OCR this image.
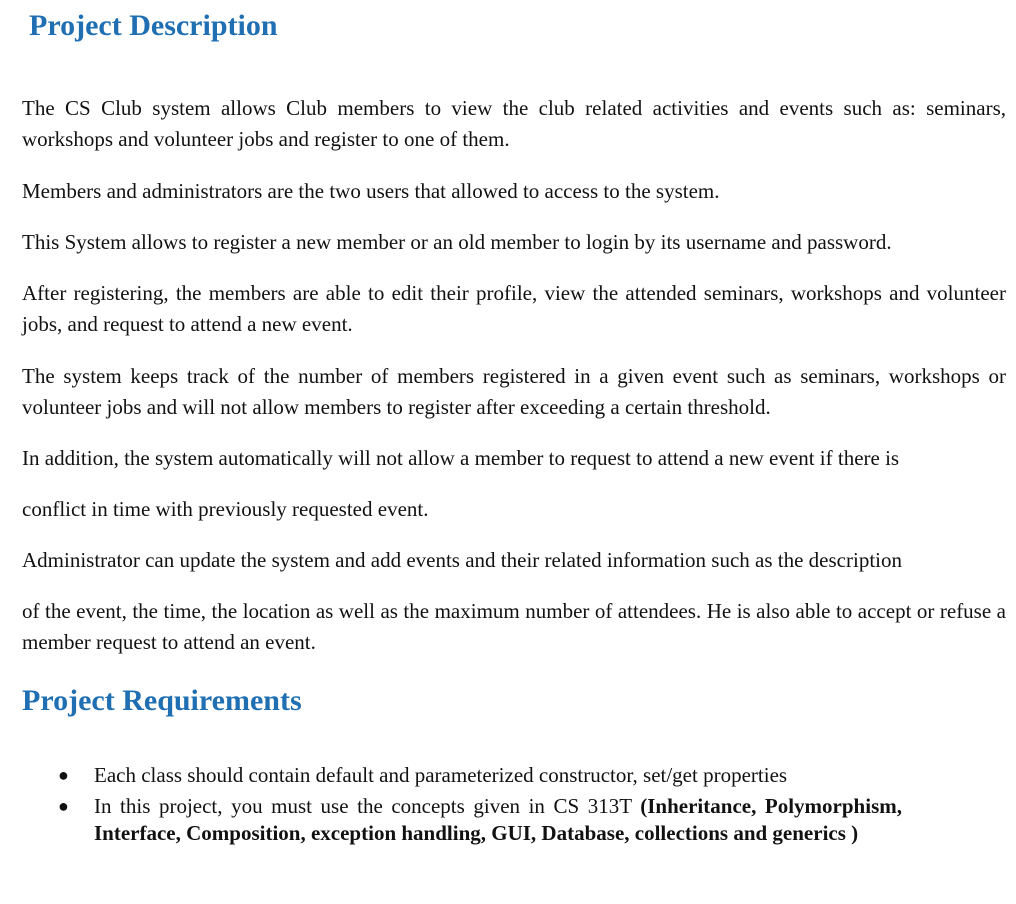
Project Description

The CS Club system allows Club members to view the club related activities and events such as: seminars, workshops and volunteer jobs and register to one of them.

Members and administrators are the two users that allowed to access to the system.

This System allows to register a new member or an old member to login by its username and password.

After registering, the members are able to edit their profile, view the attended seminars, workshops and volunteer jobs, and request to attend a new event.

The system keeps track of the number of members registered in a given event such as seminars, workshops or volunteer jobs and will not allow members to register after exceeding a certain threshold.

In addition, the system automatically will not allow a member to request to attend a new event if there is

conflict in time with previously requested event.

Administrator can update the system and add events and their related information such as the description

of the event, the time, the location as well as the maximum number of attendees. He is also able to accept or refuse a member request to attend an event.

Project Requirements
● Each class should contain default and parameterized constructor, set/get properties
● In this project, you must use the concepts given in CS 313T (Inheritance, Polymorphism, Interface, Composition, exception handling, GUI, Database, collections and generics )
